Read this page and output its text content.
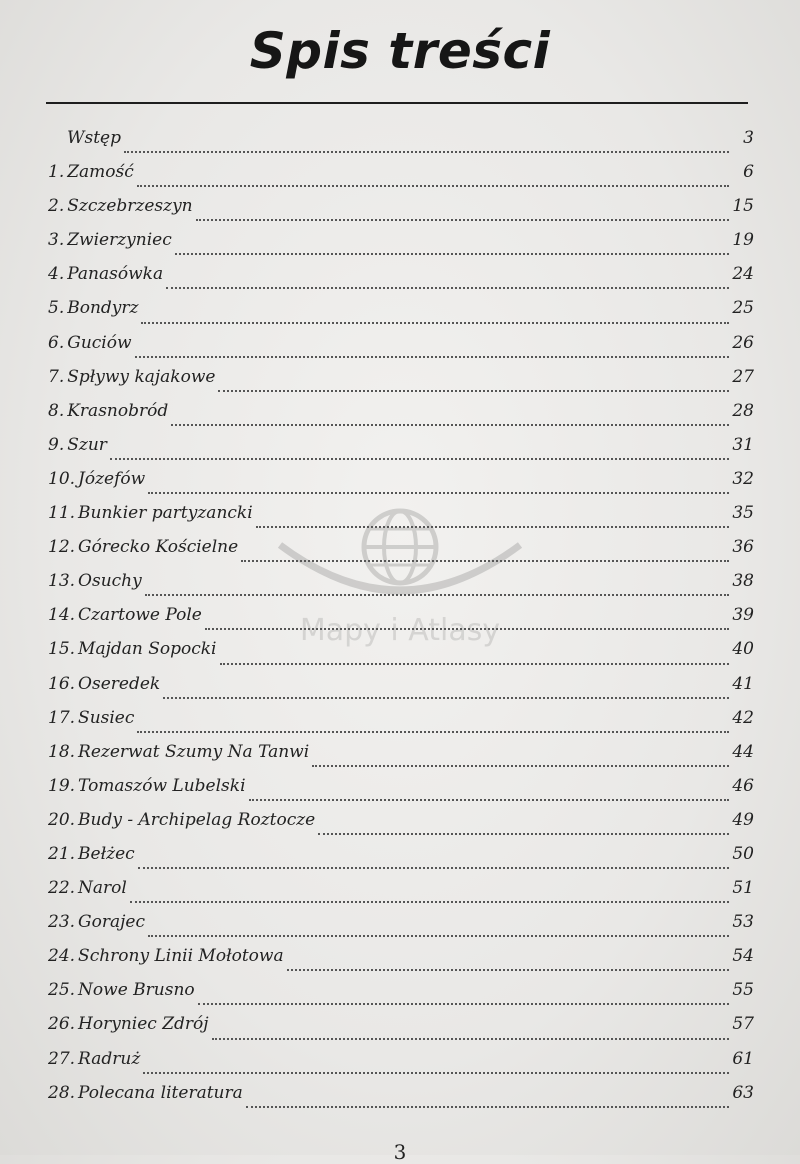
Spis treści
Mapy i Atlasy
Wstęp	3
1. Zamość	6
2. Szczebrzeszyn	15
3. Zwierzyniec	19
4. Panasówka	24
5. Bondyrz	25
6. Guciów	26
7. Spływy kajakowe	27
8. Krasnobród	28
9. Szur	31
10. Józefów	32
11. Bunkier partyzancki	35
12. Górecko Kościelne	36
13. Osuchy	38
14. Czartowe Pole	39
15. Majdan Sopocki	40
16. Oseredek	41
17. Susiec	42
18. Rezerwat Szumy Na Tanwi	44
19. Tomaszów Lubelski	46
20. Budy - Archipelag Roztocze	49
21. Bełżec	50
22. Narol	51
23. Gorajec	53
24. Schrony Linii Mołotowa	54
25. Nowe Brusno	55
26. Horyniec Zdrój	57
27. Radruż	61
28. Polecana literatura	63
3
